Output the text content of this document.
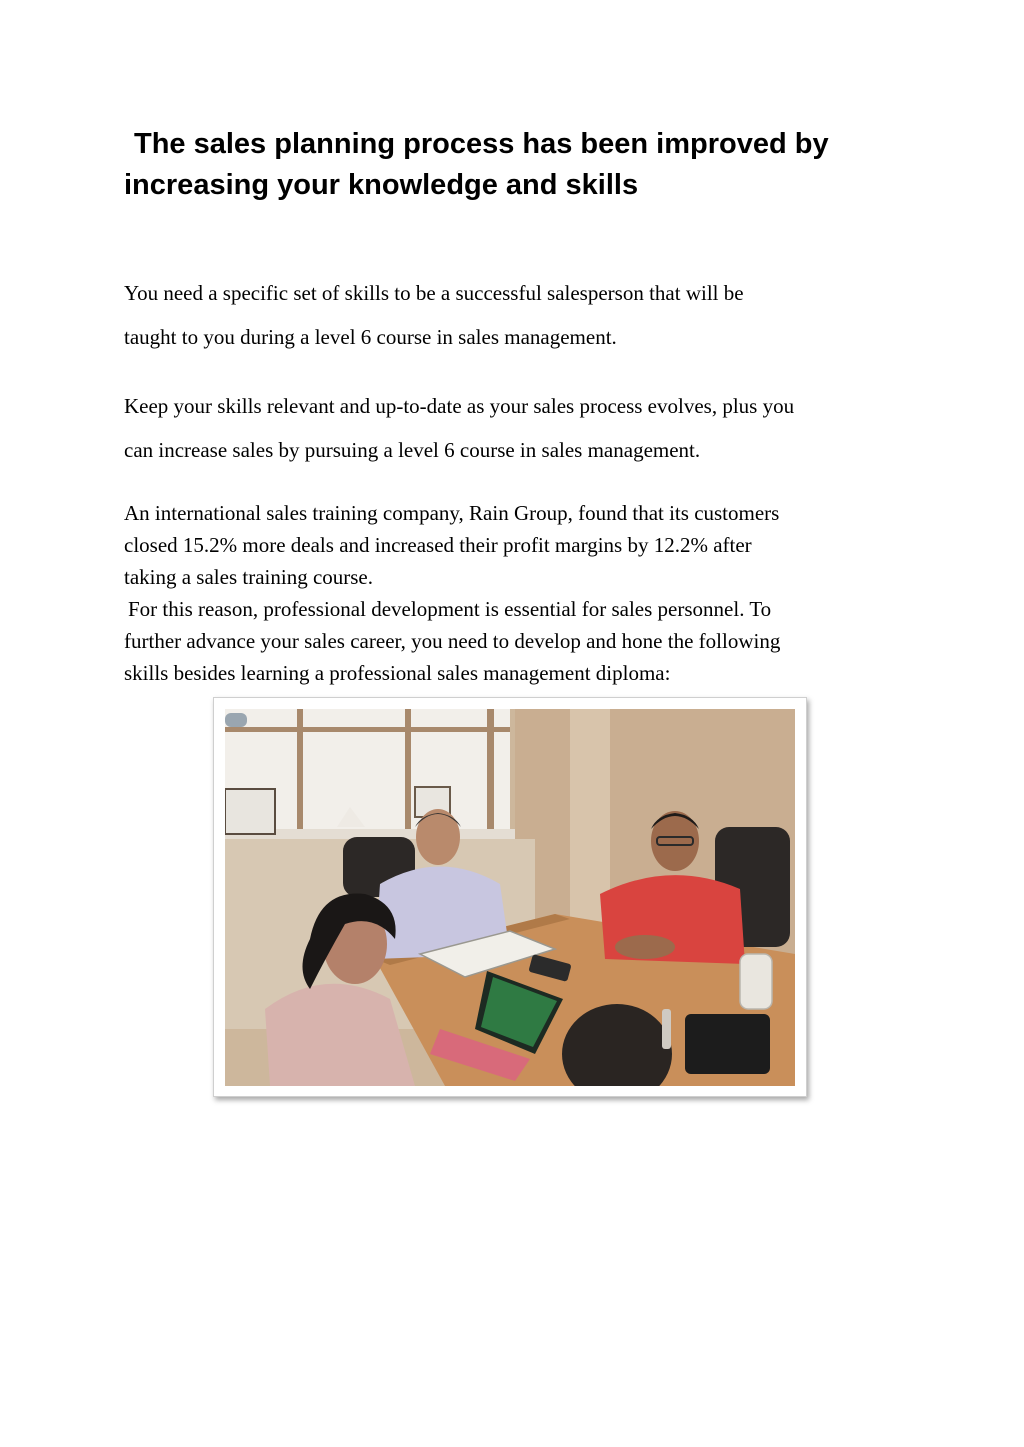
The sales planning process has been improved by
increasing your knowledge and skills

You need a specific set of skills to be a successful salesperson that will be
taught to you during a level 6 course in sales management.

Keep your skills relevant and up-to-date as your sales process evolves, plus you
can increase sales by pursuing a level 6 course in sales management.

An international sales training company, Rain Group, found that its customers
closed 15.2% more deals and increased their profit margins by 12.2% after
taking a sales training course.
For this reason, professional development is essential for sales personnel. To
further advance your sales career, you need to develop and hone the following
skills besides learning a professional sales management diploma:
